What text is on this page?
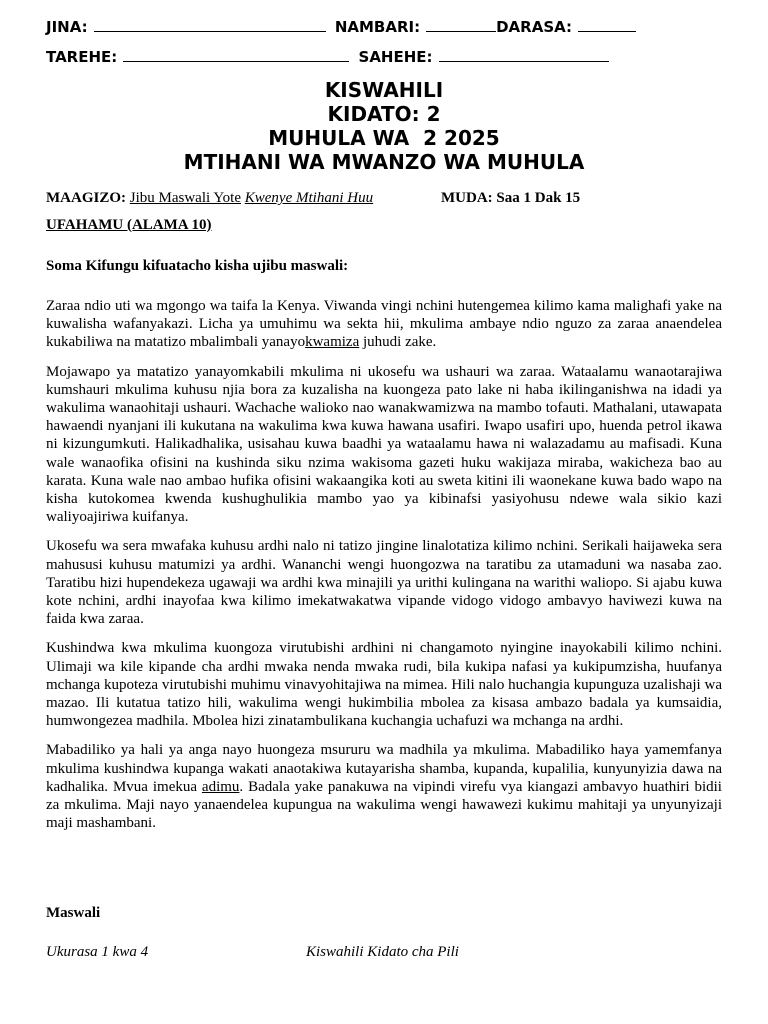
JINA:	NAMBARI:	DARASA:
TAREHE:	SAHEHE:
KISWAHILI
KIDATO: 2
MUHULA WA  2 2025
MTIHANI WA MWANZO WA MUHULA
MAAGIZO: Jibu Maswali Yote Kwenye Mtihani Huu	MUDA: Saa 1 Dak 15
UFAHAMU (ALAMA 10)
Soma Kifungu kifuatacho kisha ujibu maswali:

Zaraa ndio uti wa mgongo wa taifa la Kenya. Viwanda vingi nchini hutengemea kilimo kama malighafi yake na kuwalisha wafanyakazi. Licha ya umuhimu wa sekta hii, mkulima ambaye ndio nguzo za zaraa anaendelea kukabiliwa na matatizo mbalimbali yanayokwamiza juhudi zake.

Mojawapo ya matatizo yanayomkabili mkulima ni ukosefu wa ushauri wa zaraa. Wataalamu wanaotarajiwa kumshauri mkulima kuhusu njia bora za kuzalisha na kuongeza pato lake ni haba ikilinganishwa na idadi ya wakulima wanaohitaji ushauri. Wachache walioko nao wanakwamizwa na mambo tofauti. Mathalani, utawapata hawaendi nyanjani ili kukutana na wakulima kwa kuwa hawana usafiri. Iwapo usafiri upo, huenda petrol ikawa ni kizungumkuti. Halikadhalika, usisahau kuwa baadhi ya wataalamu hawa ni walazadamu au mafisadi. Kuna wale wanaofika ofisini na kushinda siku nzima wakisoma gazeti huku wakijaza miraba, wakicheza bao au karata. Kuna wale nao ambao hufika ofisini wakaangika koti au sweta kitini ili waonekane kuwa bado wapo na kisha kutokomea kwenda kushughulikia mambo yao ya kibinafsi yasiyohusu ndewe wala sikio kazi waliyoajiriwa kuifanya.

Ukosefu wa sera mwafaka kuhusu ardhi nalo ni tatizo jingine linalotatiza kilimo nchini. Serikali haijaweka sera mahususi kuhusu matumizi ya ardhi. Wananchi wengi huongozwa na taratibu za utamaduni wa nasaba zao. Taratibu hizi hupendekeza ugawaji wa ardhi kwa minajili ya urithi kulingana na warithi waliopo. Si ajabu kuwa kote nchini, ardhi inayofaa kwa kilimo imekatwakatwa vipande vidogo vidogo ambavyo haviwezi kuwa na faida kwa zaraa.

Kushindwa kwa mkulima kuongoza virutubishi ardhini ni changamoto nyingine inayokabili kilimo nchini. Ulimaji wa kile kipande cha ardhi mwaka nenda mwaka rudi, bila kukipa nafasi ya kukipumzisha, huufanya mchanga kupoteza virutubishi muhimu vinavyohitajiwa na mimea. Hili nalo huchangia kupunguza uzalishaji wa mazao. Ili kutatua tatizo hili, wakulima wengi hukimbilia mbolea za kisasa ambazo badala ya kumsaidia, humwongezea madhila. Mbolea hizi zinatambulikana kuchangia uchafuzi wa mchanga na ardhi.

Mabadiliko ya hali ya anga nayo huongeza msururu wa madhila ya mkulima. Mabadiliko haya yamemfanya mkulima kushindwa kupanga wakati anaotakiwa kutayarisha shamba, kupanda, kupalilia, kunyunyizia dawa na kadhalika. Mvua imekua adimu. Badala yake panakuwa na vipindi virefu vya kiangazi ambavyo huathiri bidii za mkulima. Maji nayo yanaendelea kupungua na wakulima wengi hawawezi kukimu mahitaji ya unyunyizaji maji mashambani.

Maswali
Ukurasa 1 kwa 4	Kiswahili Kidato cha Pili
